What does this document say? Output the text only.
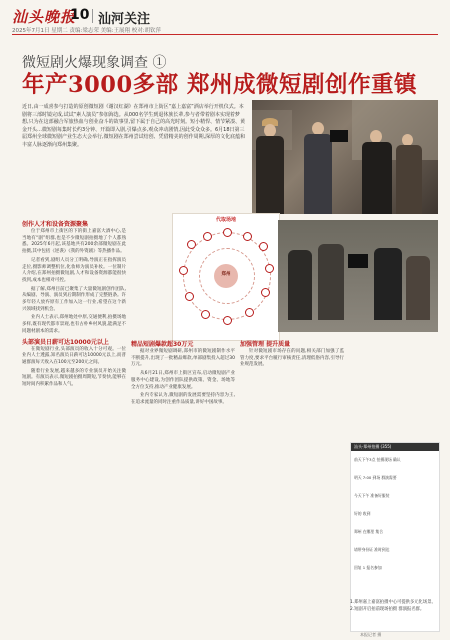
汕头晚报
10 汕河关注
2025年7月1日 星期二 责编:梁志荣 美编:王展翔 校对:胡钦萍
微短剧火爆现象调查 ①
年产3000多部 郑州成微短剧创作重镇
近日,由一成喜参与打造的原创微短剧《谢汉红湖》在郑州市上街区“嘉上嘉富”酒店举行开机仪式。本剧将三部时镜完成,试试“素人演员”参加海选。从000名学生到退休族长辈,参与者带着剧本实现着梦想,只为在这部融合军旅热血与创业奋斗的故事里,留下属于自己的高光时刻。短小精悍、情节紧凑、黄金开头…微短剧每集时长约3分钟、开篇即入剧,引爆点多,观众冲动剧情,因此受众众多。6月18日第三届郑州全球微短剧产业生态大会举行,微短剧在郑州尝试结创、凭借精美的创作周期,深厚的文化底蕴和丰富人脉逐渐向郑州集聚。
创作人才和设备资源聚集

位于郑州市上街区的下的街上嘉富大酒中心,是当地有“剧”组群,也是不少微短剧拍摄地了个人都熟悉。2025年6月起,该基地共有200余部微短剧在此拍摄,其中包括《逆袭》《我的外资剧》等热播作品。

记者看到,剧组人员分工明确,导演正在指挥演员走位,摄影师调整机位,化妆师为演员补妆。一位制片人介绍,在郑州拍摄微短剧,人才和设备资源都能很快找到,成本也相对可控。

据了解,郑州目前已聚集了大量微短剧创作团队,从编剧、导演、演员到后期制作形成了完整链条。许多年轻人放弃原有工作加入这一行业,希望在这个新兴领域找到机会。

业内人士表示,郑州地处中原,交通便利,拍摄场地多样,既有现代都市景观,也有古朴乡村风貌,能满足不同题材剧本的需求。

头部演员日薪可达10000元以上

在微短剧行业,头部演员的收入十分可观。一位业内人士透露,知名演员日薪可达10000元以上,而普通群演每天收入在100元至200元之间。

随着行业发展,越来越多的专业演员开始关注微短剧。有演员表示,微短剧拍摄周期短,节奏快,能够在短时间内积累作品和人气。

代取场地
郑州
精品短剧爆款超30万元

据对业界微短剧调研,郑州市的微短剧制作水平不断提升,出现了一批精品爆款,单部剧集投入超过30万元。

从6月21日,郑州市上街区宣布,启动微短剧产业服务中心建设,为创作团队提供政策、资金、场地等全方位支持,推动产业健康发展。

业内专家认为,微短剧的发展需要坚持内容为王,在追求流量的同时注重作品质量,讲好中国故事。

加强管理 提升质量

针对微短剧市场存在的问题,相关部门加强了监管力度,要求平台履行审核责任,清理低俗内容,引导行业规范发展。

汕头·郑州拍摄 (355)
前天下午3点 拍摄现场 确认
明天 7:00 到场 群演需要
今天下午 准备好服装
好的 收到
郑州 在哪里 集合
请带身份证 准时到达
回复 1 报名参加
1.郑州嘉上嘉富拍摄中心可提供多元化场景。2.短剧开启拍前现场拍摄 群演报名群。
本报记者 摄
